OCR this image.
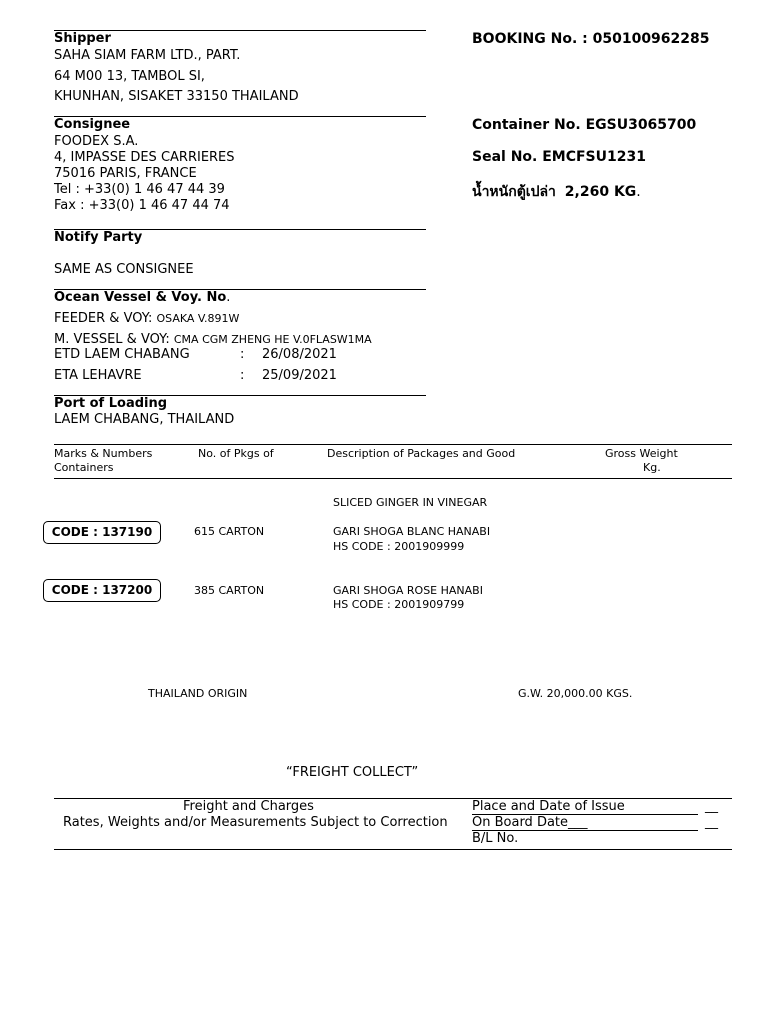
Shipper
SAHA SIAM FARM LTD., PART.
64 M00 13, TAMBOL SI,
KHUNHAN, SISAKET 33150 THAILAND
BOOKING No. : 050100962285
Consignee
FOODEX S.A.
4, IMPASSE DES CARRIERES
75016 PARIS, FRANCE
Tel : +33(0) 1 46 47 44 39
Fax : +33(0) 1 46 47 44 74
Container No. EGSU3065700
Seal No. EMCFSU1231
น้ำหนักตู้เปล่า 2,260 KG.
Notify Party
SAME AS CONSIGNEE
Ocean Vessel & Voy. No.
FEEDER & VOY: OSAKA V.891W
M. VESSEL & VOY: CMA CGM ZHENG HE V.0FLASW1MA
ETD LAEM CHABANG	: 26/08/2021
ETA LEHAVRE	: 25/09/2021
Port of Loading
LAEM CHABANG, THAILAND
Marks & Numbers
Containers
No. of Pkgs of	Description of Packages and Good	Gross Weight
Kg.
SLICED GINGER IN VINEGAR
CODE : 137190	615 CARTON	GARI SHOGA BLANC HANABI
HS CODE : 2001909999
CODE : 137200	385 CARTON	GARI SHOGA ROSE HANABI
HS CODE : 2001909799
THAILAND ORIGIN	G.W. 20,000.00 KGS.
“FREIGHT COLLECT”
Freight and Charges
Rates, Weights and/or Measurements Subject to Correction
Place and Date of Issue	__
On Board Date___	__
B/L No.
